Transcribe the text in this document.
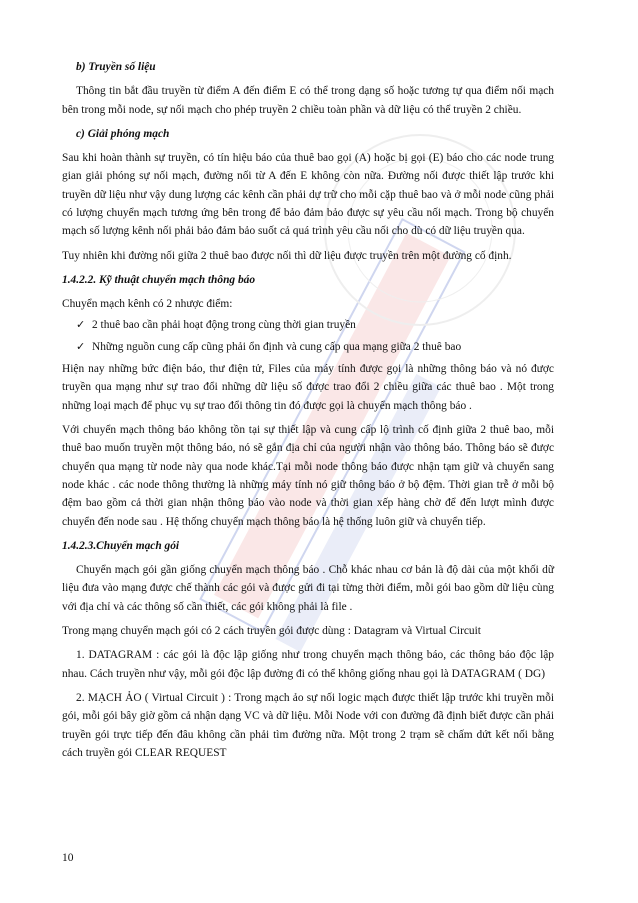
b) Truyền số liệu

Thông tin bắt đầu truyền từ điểm A đến điểm E có thể trong dạng số hoặc tương tự qua điểm nối mạch bên trong mỗi node, sự nối mạch cho phép truyền 2 chiều toàn phần và dữ liệu có thể truyền 2 chiều.

c) Giải phóng mạch

Sau khi hoàn thành sự truyền, có tín hiệu báo của thuê bao gọi (A) hoặc bị gọi (E) báo cho các node trung gian giải phóng sự nối mạch, đường nối từ A đến E không còn nữa. Đường nối được thiết lập trước khi truyền dữ liệu như vậy dung lượng các kênh cần phải dự trữ cho mỗi cặp thuê bao và ở mỗi node cũng phải có lượng chuyển mạch tương ứng bên trong để bảo đảm bảo được sự yêu cầu nối mạch. Trong bộ chuyển mạch số lượng kênh nối phải bảo đảm bảo suốt cả quá trình yêu cầu nối cho dù có dữ liệu truyền qua.

Tuy nhiên khi đường nối giữa 2 thuê bao được nối thì dữ liệu được truyền trên một đường cố định.

1.4.2.2. Kỹ thuật chuyển mạch thông báo

Chuyển mạch kênh có 2 nhược điểm:

✓ 2 thuê bao cần phải hoạt động trong cùng thời gian truyền
✓ Những nguồn cung cấp cũng phải ổn định và cung cấp qua mạng giữa 2 thuê bao

Hiện nay những bức điện báo, thư điện tử, Files của máy tính được gọi là những thông báo và nó được truyền qua mạng như sự trao đổi những dữ liệu số được trao đổi 2 chiều giữa các thuê bao . Một trong những loại mạch để phục vụ sự trao đổi thông tin đó được gọi là chuyển mạch thông báo .

Với chuyển mạch thông báo không tồn tại sự thiết lập và cung cấp lộ trình cố định giữa 2 thuê bao, mỗi thuê bao muốn truyền một thông báo, nó sẽ gắn địa chỉ của người nhận vào thông báo. Thông báo sẽ được chuyển qua mạng từ node này qua node khác.Tại mỗi node thông báo được nhận tạm giữ và chuyển sang node khác . các node thông thường là những máy tính nó giữ thông báo ở bộ đệm. Thời gian trễ ở mỗi bộ đệm bao gồm cả thời gian nhận thông báo vào node và thời gian xếp hàng chờ để đến lượt mình được chuyển đến node sau . Hệ thống chuyển mạch thông báo là hệ thống luôn giữ và chuyển tiếp.

1.4.2.3.Chuyển mạch gói

Chuyển mạch gói gần giống chuyển mạch thông báo . Chỗ khác nhau cơ bản là độ dài của một khối dữ liệu đưa vào mạng được chế thành các gói và được gửi đi tại từng thời điểm, mỗi gói bao gồm dữ liệu cùng với địa chỉ và các thông số cần thiết, các gói không phải là file .

Trong mạng chuyển mạch gói có 2 cách truyền gói được dùng : Datagram và Virtual Circuit

1. DATAGRAM : các gói là độc lập giống như trong chuyển mạch thông báo, các thông báo độc lập nhau. Cách truyền như vậy, mỗi gói độc lập đường đi có thể không giống nhau gọi là DATAGRAM ( DG)

2. MẠCH ẢO ( Virtual Circuit ) : Trong mạch ảo sự nối logic mạch được thiết lập trước khi truyền mỗi gói, mỗi gói bây giờ gồm cả nhận dạng VC và dữ liệu. Mỗi Node với con đường đã định biết được cần phải truyền gói trực tiếp đến đâu không cần phải tìm đường nữa. Một trong 2 trạm sẽ chấm dứt kết nối bằng cách truyền gói CLEAR REQUEST

10
